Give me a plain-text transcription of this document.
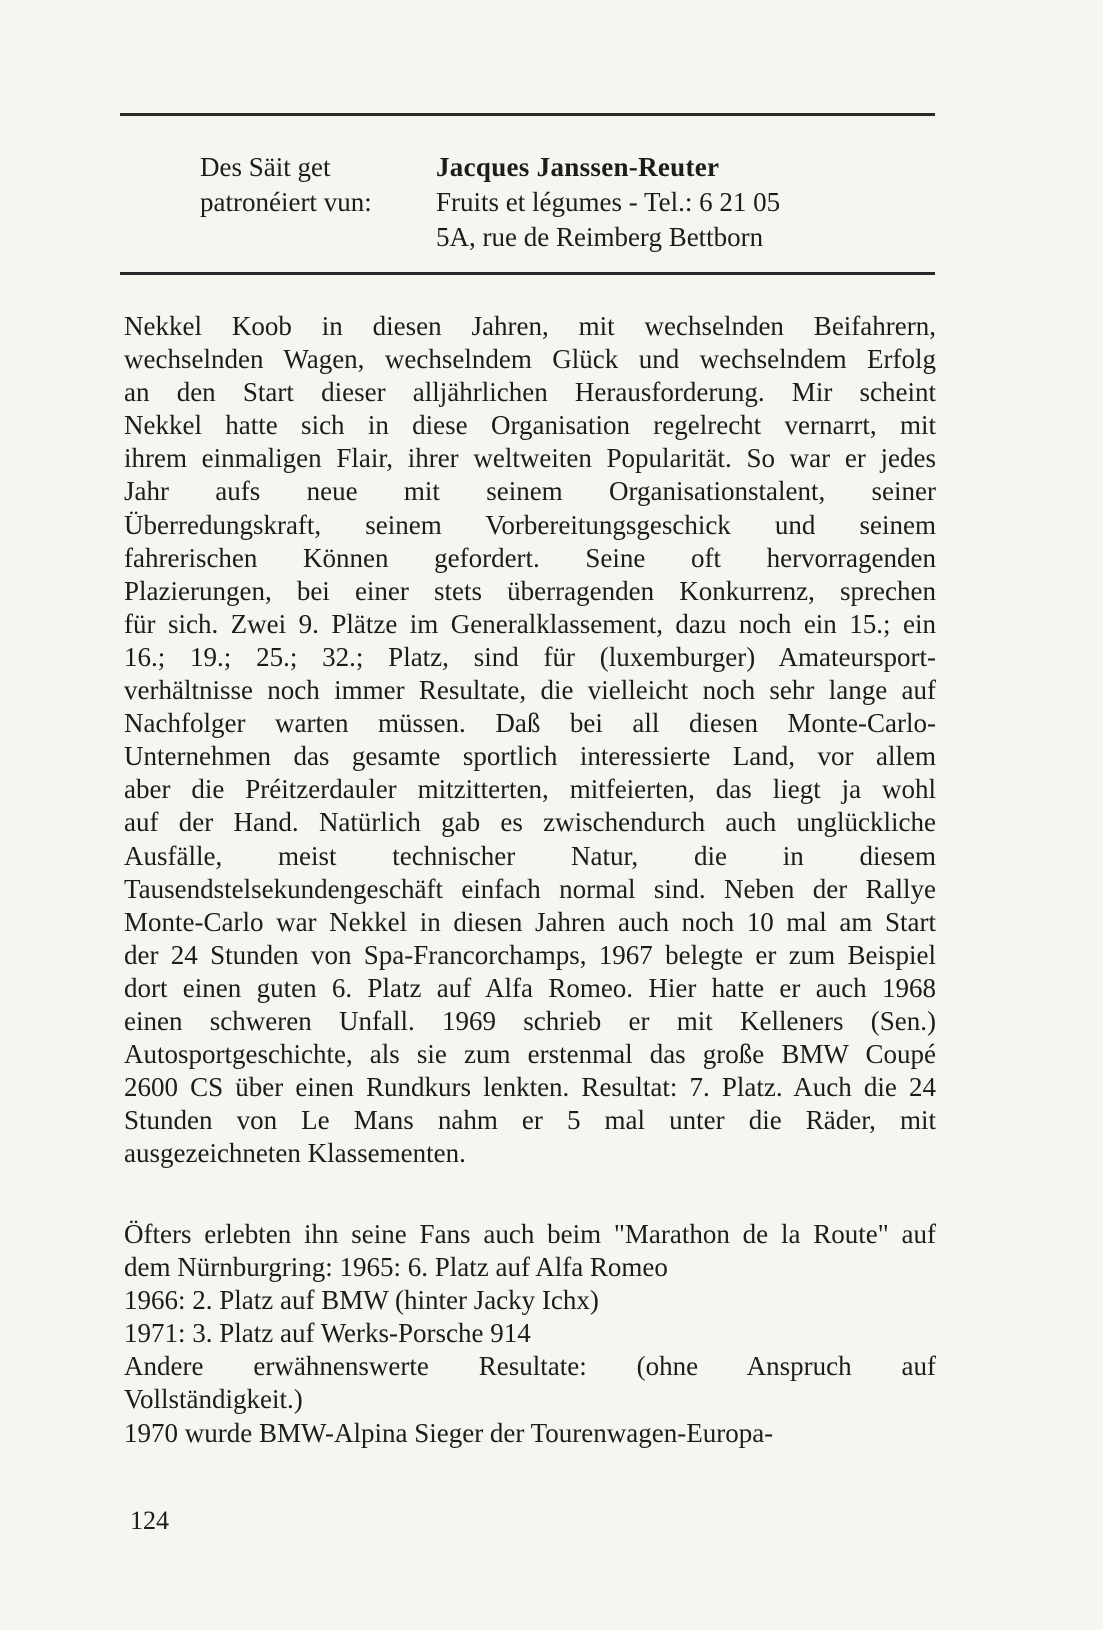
Des Säit get
patronéiert vun:
Jacques Janssen-Reuter
Fruits et légumes - Tel.: 6 21 05
5A, rue de Reimberg Bettborn
Nekkel Koob in diesen Jahren, mit wechselnden Beifahrern,
wechselnden Wagen, wechselndem Glück und wechselndem Erfolg
an den Start dieser alljährlichen Herausforderung. Mir scheint
Nekkel hatte sich in diese Organisation regelrecht vernarrt, mit
ihrem einmaligen Flair, ihrer weltweiten Popularität. So war er jedes
Jahr aufs neue mit seinem Organisationstalent, seiner
Überredungskraft, seinem Vorbereitungsgeschick und seinem
fahrerischen Können gefordert. Seine oft hervorragenden
Plazierungen, bei einer stets überragenden Konkurrenz, sprechen
für sich. Zwei 9. Plätze im Generalklassement, dazu noch ein 15.; ein
16.; 19.; 25.; 32.; Platz, sind für (luxemburger) Amateursport-
verhältnisse noch immer Resultate, die vielleicht noch sehr lange auf
Nachfolger warten müssen. Daß bei all diesen Monte-Carlo-
Unternehmen das gesamte sportlich interessierte Land, vor allem
aber die Préitzerdauler mitzitterten, mitfeierten, das liegt ja wohl
auf der Hand. Natürlich gab es zwischendurch auch unglückliche
Ausfälle, meist technischer Natur, die in diesem
Tausendstelsekundengeschäft einfach normal sind. Neben der Rallye
Monte-Carlo war Nekkel in diesen Jahren auch noch 10 mal am Start
der 24 Stunden von Spa-Francorchamps, 1967 belegte er zum Beispiel
dort einen guten 6. Platz auf Alfa Romeo. Hier hatte er auch 1968
einen schweren Unfall. 1969 schrieb er mit Kelleners (Sen.)
Autosportgeschichte, als sie zum erstenmal das große BMW Coupé
2600 CS über einen Rundkurs lenkten. Resultat: 7. Platz. Auch die 24
Stunden von Le Mans nahm er 5 mal unter die Räder, mit
ausgezeichneten Klassementen.
Öfters erlebten ihn seine Fans auch beim "Marathon de la Route" auf
dem Nürnburgring: 1965: 6. Platz auf Alfa Romeo
1966: 2. Platz auf BMW (hinter Jacky Ichx)
1971: 3. Platz auf Werks-Porsche 914
Andere erwähnenswerte Resultate: (ohne Anspruch auf
Vollständigkeit.)
1970 wurde BMW-Alpina Sieger der Tourenwagen-Europa-
124
